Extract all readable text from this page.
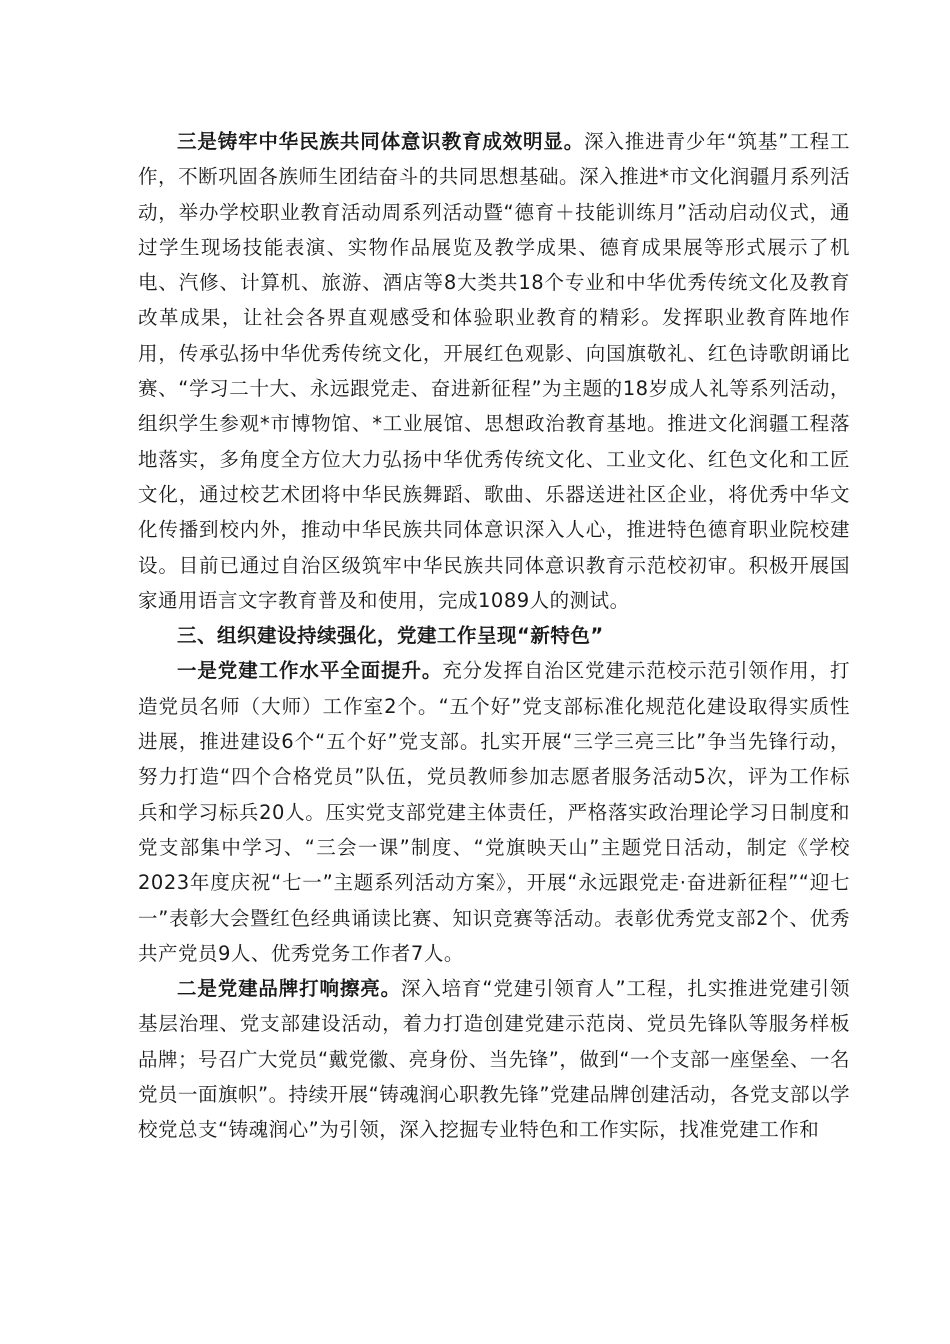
三是铸牢中华民族共同体意识教育成效明显。深入推进青少年“筑基”工程工作，不断巩固各族师生团结奋斗的共同思想基础。深入推进*市文化润疆月系列活动，举办学校职业教育活动周系列活动暨“德育＋技能训练月”活动启动仪式，通过学生现场技能表演、实物作品展览及教学成果、德育成果展等形式展示了机电、汽修、计算机、旅游、酒店等8大类共18个专业和中华优秀传统文化及教育改革成果，让社会各界直观感受和体验职业教育的精彩。发挥职业教育阵地作用，传承弘扬中华优秀传统文化，开展红色观影、向国旗敬礼、红色诗歌朗诵比赛、“学习二十大、永远跟党走、奋进新征程”为主题的18岁成人礼等系列活动，组织学生参观*市博物馆、*工业展馆、思想政治教育基地。推进文化润疆工程落地落实，多角度全方位大力弘扬中华优秀传统文化、工业文化、红色文化和工匠文化，通过校艺术团将中华民族舞蹈、歌曲、乐器送进社区企业，将优秀中华文化传播到校内外，推动中华民族共同体意识深入人心，推进特色德育职业院校建设。目前已通过自治区级筑牢中华民族共同体意识教育示范校初审。积极开展国家通用语言文字教育普及和使用，完成1089人的测试。

三、组织建设持续强化，党建工作呈现“新特色”

一是党建工作水平全面提升。充分发挥自治区党建示范校示范引领作用，打造党员名师（大师）工作室2个。“五个好”党支部标准化规范化建设取得实质性进展，推进建设6个“五个好”党支部。扎实开展“三学三亮三比”争当先锋行动，努力打造“四个合格党员”队伍，党员教师参加志愿者服务活动5次，评为工作标兵和学习标兵20人。压实党支部党建主体责任，严格落实政治理论学习日制度和党支部集中学习、“三会一课”制度、“党旗映天山”主题党日活动，制定《学校2023年度庆祝“七一”主题系列活动方案》，开展“永远跟党走·奋进新征程”“迎七一”表彰大会暨红色经典诵读比赛、知识竞赛等活动。表彰优秀党支部2个、优秀共产党员9人、优秀党务工作者7人。

二是党建品牌打响擦亮。深入培育“党建引领育人”工程，扎实推进党建引领基层治理、党支部建设活动，着力打造创建党建示范岗、党员先锋队等服务样板品牌；号召广大党员“戴党徽、亮身份、当先锋”，做到“一个支部一座堡垒、一名党员一面旗帜”。持续开展“铸魂润心职教先锋”党建品牌创建活动，各党支部以学校党总支“铸魂润心”为引领，深入挖掘专业特色和工作实际，找准党建工作和
